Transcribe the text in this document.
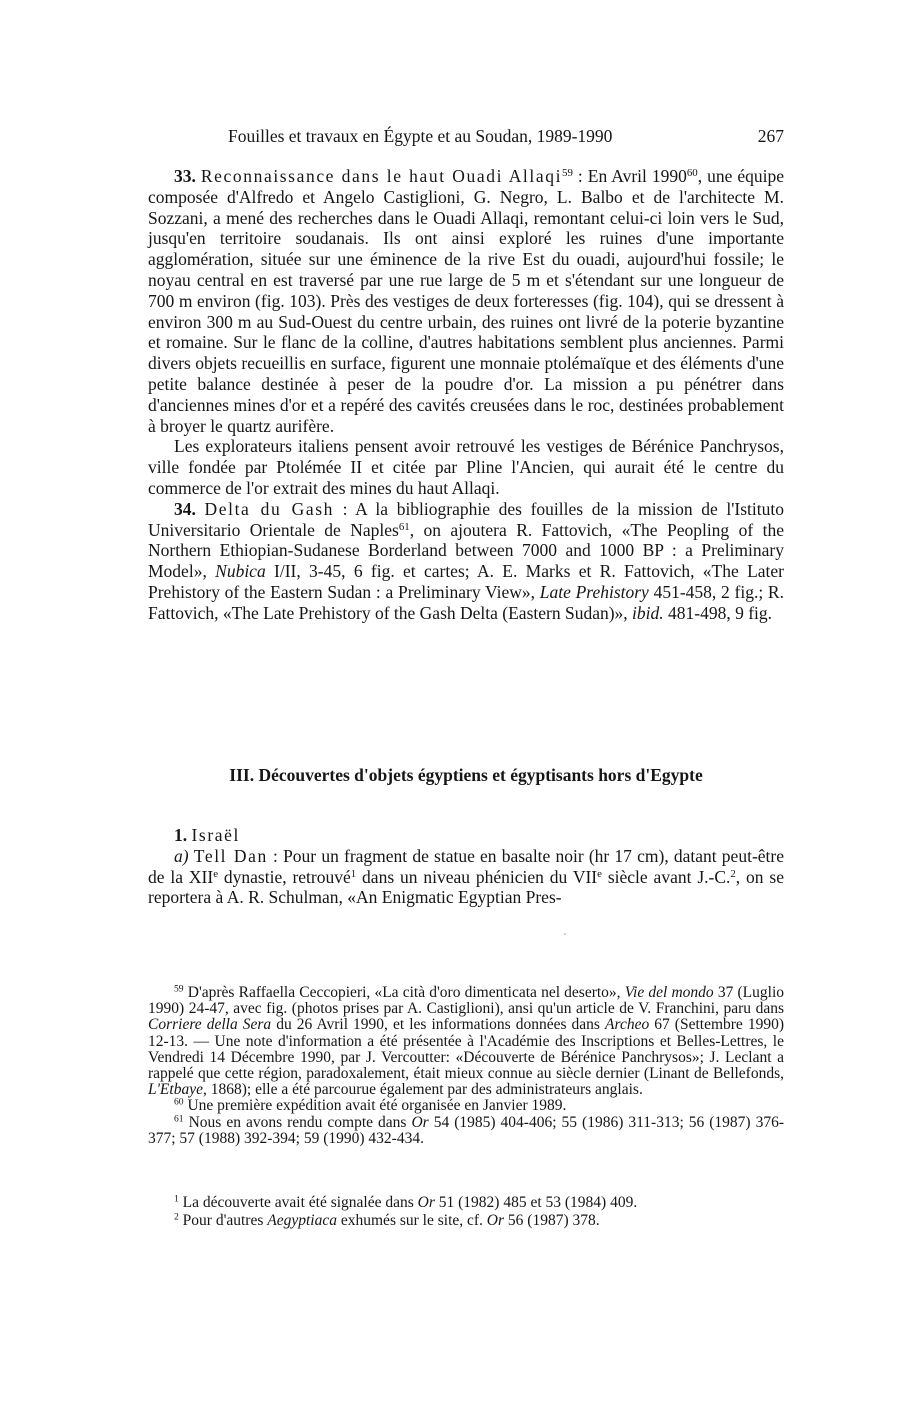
Fouilles et travaux en Égypte et au Soudan, 1989-1990	267

33. Reconnaissance dans le haut Ouadi Allaqi$^{59}$ : En Avril 1990$^{60}$, une équipe composée d'Alfredo et Angelo Castiglioni, G. Negro, L. Balbo et de l'architecte M. Sozzani, a mené des recherches dans le Ouadi Allaqi, remontant celui-ci loin vers le Sud, jusqu'en territoire soudanais. Ils ont ainsi exploré les ruines d'une importante agglomération, située sur une éminence de la rive Est du ouadi, aujourd'hui fossile; le noyau central en est traversé par une rue large de 5 m et s'étendant sur une longueur de 700 m environ (fig. 103). Près des vestiges de deux forteresses (fig. 104), qui se dressent à environ 300 m au Sud-Ouest du centre urbain, des ruines ont livré de la poterie byzantine et romaine. Sur le flanc de la colline, d'autres habitations semblent plus anciennes. Parmi divers objets recueillis en surface, figurent une monnaie ptolémaïque et des éléments d'une petite balance destinée à peser de la poudre d'or. La mission a pu pénétrer dans d'anciennes mines d'or et a repéré des cavités creusées dans le roc, destinées probablement à broyer le quartz aurifère.

Les explorateurs italiens pensent avoir retrouvé les vestiges de Bérénice Panchrysos, ville fondée par Ptolémée II et citée par Pline l'Ancien, qui aurait été le centre du commerce de l'or extrait des mines du haut Allaqi.

34. Delta du Gash : A la bibliographie des fouilles de la mission de l'Istituto Universitario Orientale de Naples$^{61}$, on ajoutera R. Fattovich, «The Peopling of the Northern Ethiopian-Sudanese Borderland between 7000 and 1000 BP : a Preliminary Model», Nubica I/II, 3-45, 6 fig. et cartes; A. E. Marks et R. Fattovich, «The Later Prehistory of the Eastern Sudan : a Preliminary View», Late Prehistory 451-458, 2 fig.; R. Fattovich, «The Late Prehistory of the Gash Delta (Eastern Sudan)», ibid. 481-498, 9 fig.

III. Découvertes d'objets égyptiens et égyptisants hors d'Egypte

1. Israël

a) Tell Dan : Pour un fragment de statue en basalte noir (hr 17 cm), datant peut-être de la XIIe dynastie, retrouvé$^1$ dans un niveau phénicien du VIIe siècle avant J.-C.$^2$, on se reportera à A. R. Schulman, «An Enigmatic Egyptian Pres-

$^{59}$ D'après Raffaella Ceccopieri, «La cità d'oro dimenticata nel deserto», Vie del mondo 37 (Luglio 1990) 24-47, avec fig. (photos prises par A. Castiglioni), ansi qu'un article de V. Franchini, paru dans Corriere della Sera du 26 Avril 1990, et les informations données dans Archeo 67 (Settembre 1990) 12-13. — Une note d'information a été présentée à l'Académie des Inscriptions et Belles-Lettres, le Vendredi 14 Décembre 1990, par J. Vercoutter: «Découverte de Bérénice Panchrysos»; J. Leclant a rappelé que cette région, paradoxalement, était mieux connue au siècle dernier (Linant de Bellefonds, L'Etbaye, 1868); elle a été parcourue également par des administrateurs anglais.

$^{60}$ Une première expédition avait été organisée en Janvier 1989.

$^{61}$ Nous en avons rendu compte dans Or 54 (1985) 404-406; 55 (1986) 311-313; 56 (1987) 376-377; 57 (1988) 392-394; 59 (1990) 432-434.

$^1$ La découverte avait été signalée dans Or 51 (1982) 485 et 53 (1984) 409.

$^2$ Pour d'autres Aegyptiaca exhumés sur le site, cf. Or 56 (1987) 378.
